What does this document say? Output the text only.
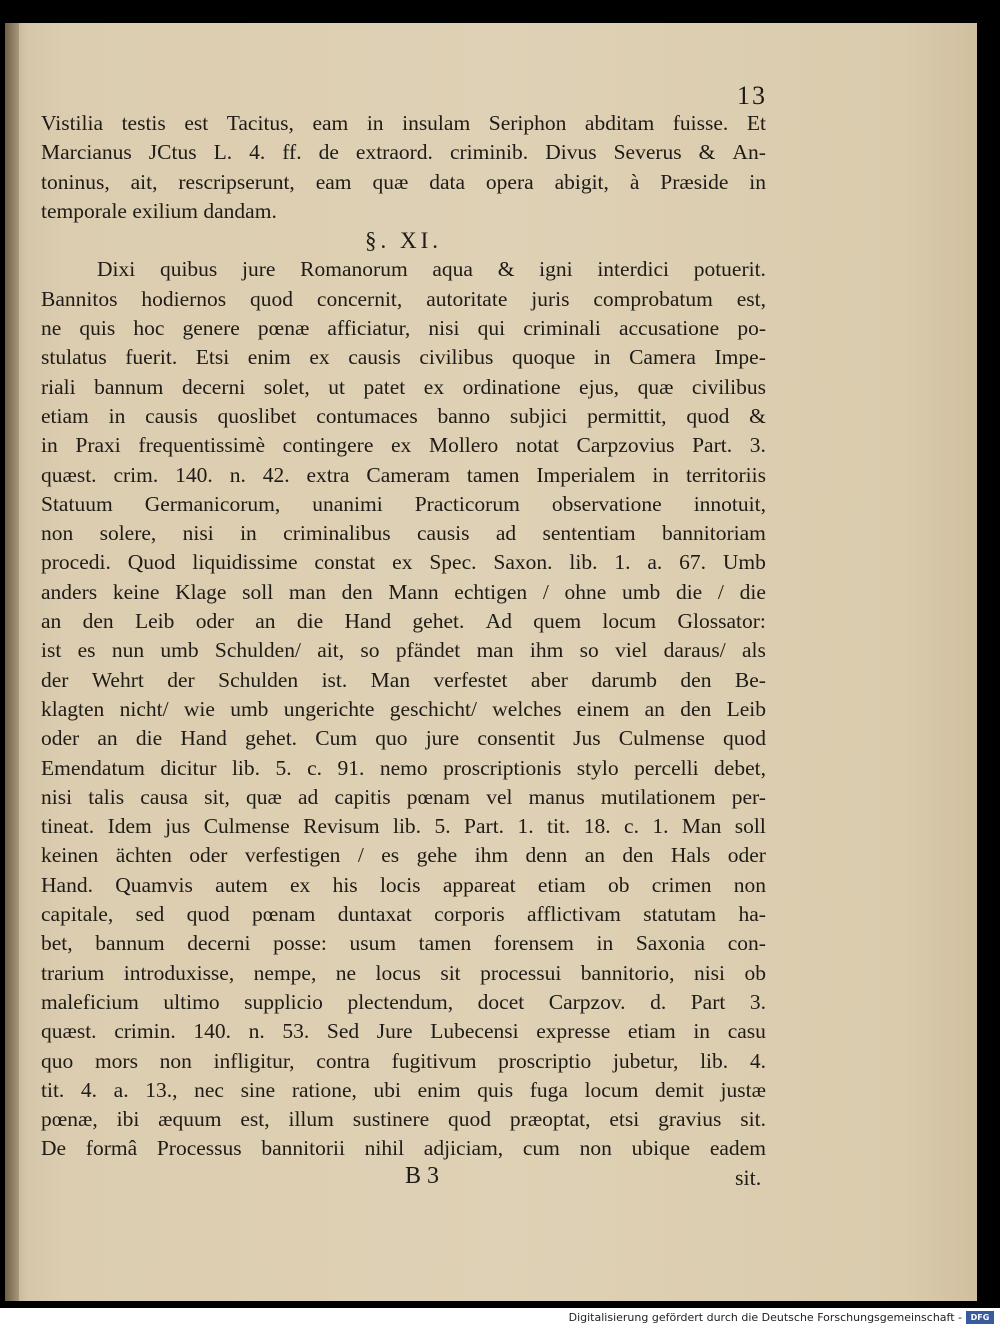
13
Vistilia testis est Tacitus, eam in insulam Seriphon abditam fuisse. Et
Marcianus JCtus L. 4. ff. de extraord. criminib. Divus Severus & An-
toninus, ait, rescripserunt, eam quæ data opera abigit, à Præside in
temporale exilium dandam.
§. XI.
Dixi quibus jure Romanorum aqua & igni interdici potuerit.
Bannitos hodiernos quod concernit, autoritate juris comprobatum est,
ne quis hoc genere pœnæ afficiatur, nisi qui criminali accusatione po-
stulatus fuerit. Etsi enim ex causis civilibus quoque in Camera Impe-
riali bannum decerni solet, ut patet ex ordinatione ejus, quæ civilibus
etiam in causis quoslibet contumaces banno subjici permittit, quod &
in Praxi frequentissimè contingere ex Mollero notat Carpzovius Part. 3.
quæst. crim. 140. n. 42. extra Cameram tamen Imperialem in territoriis
Statuum Germanicorum, unanimi Practicorum observatione innotuit,
non solere, nisi in criminalibus causis ad sententiam bannitoriam
procedi. Quod liquidissime constat ex Spec. Saxon. lib. 1. a. 67. Umb
anders keine Klage soll man den Mann echtigen / ohne umb die / die
an den Leib oder an die Hand gehet. Ad quem locum Glossator:
ist es nun umb Schulden/ ait, so pfändet man ihm so viel daraus/ als
der Wehrt der Schulden ist. Man verfestet aber darumb den Be-
klagten nicht/ wie umb ungerichte geschicht/ welches einem an den Leib
oder an die Hand gehet. Cum quo jure consentit Jus Culmense quod
Emendatum dicitur lib. 5. c. 91. nemo proscriptionis stylo percelli debet,
nisi talis causa sit, quæ ad capitis pœnam vel manus mutilationem per-
tineat. Idem jus Culmense Revisum lib. 5. Part. 1. tit. 18. c. 1. Man soll
keinen ächten oder verfestigen / es gehe ihm denn an den Hals oder
Hand. Quamvis autem ex his locis appareat etiam ob crimen non
capitale, sed quod pœnam duntaxat corporis afflictivam statutam ha-
bet, bannum decerni posse: usum tamen forensem in Saxonia con-
trarium introduxisse, nempe, ne locus sit processui bannitorio, nisi ob
maleficium ultimo supplicio plectendum, docet Carpzov. d. Part 3.
quæst. crimin. 140. n. 53. Sed Jure Lubecensi expresse etiam in casu
quo mors non infligitur, contra fugitivum proscriptio jubetur, lib. 4.
tit. 4. a. 13., nec sine ratione, ubi enim quis fuga locum demit justæ
pœnæ, ibi æquum est, illum sustinere quod præoptat, etsi gravius sit.
De formâ Processus bannitorii nihil adjiciam, cum non ubique eadem
B 3	sit.
Digitalisierung gefördert durch die Deutsche Forschungsgemeinschaft -	DFG
